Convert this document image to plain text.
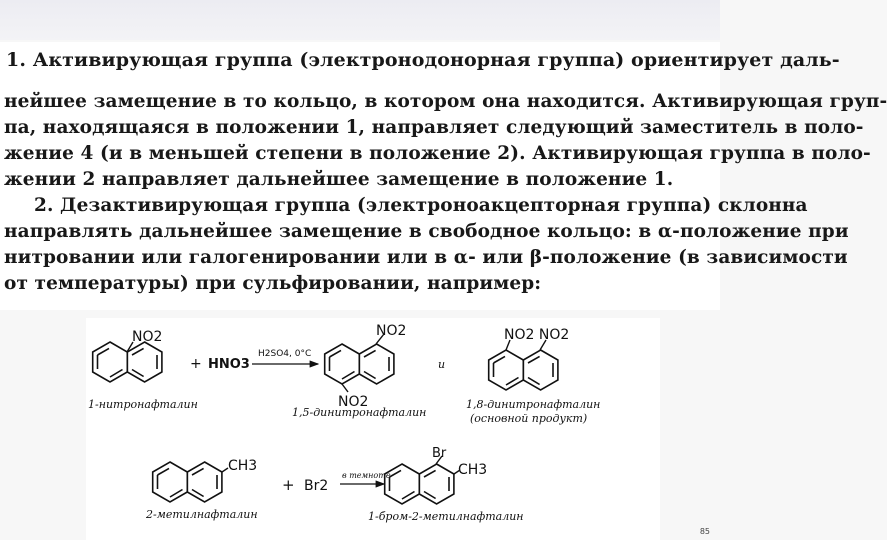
1. Активирующая группа (электронодонорная группа) ориентирует даль-
нейшее замещение в то кольцо, в котором она находится. Активирующая груп-
па, находящаяся в положении 1, направляет следующий заместитель в поло-
жение 4 (и в меньшей степени в положение 2). Активирующая группа в поло-
жении 2 направляет дальнейшее замещение в положение 1.
2. Дезактивирующая группа (электроноакцепторная группа) склонна
направлять дальнейшее замещение в свободное кольцо: в α-положение при
нитровании или галогенировании или в α- или β-положение (в зависимости
от температуры) при сульфировании, например:
NO2
+ HNO3
H2SO4, 0°C
NO2
NO2
и
NO2 NO2
1-нитронафталин
1,5-динитронафталин
1,8-динитронафталин
(основной продукт)
CH3
+ Br2
в темноте
Br
CH3
2-метилнафталин	1-бром-2-метилнафталин
85
